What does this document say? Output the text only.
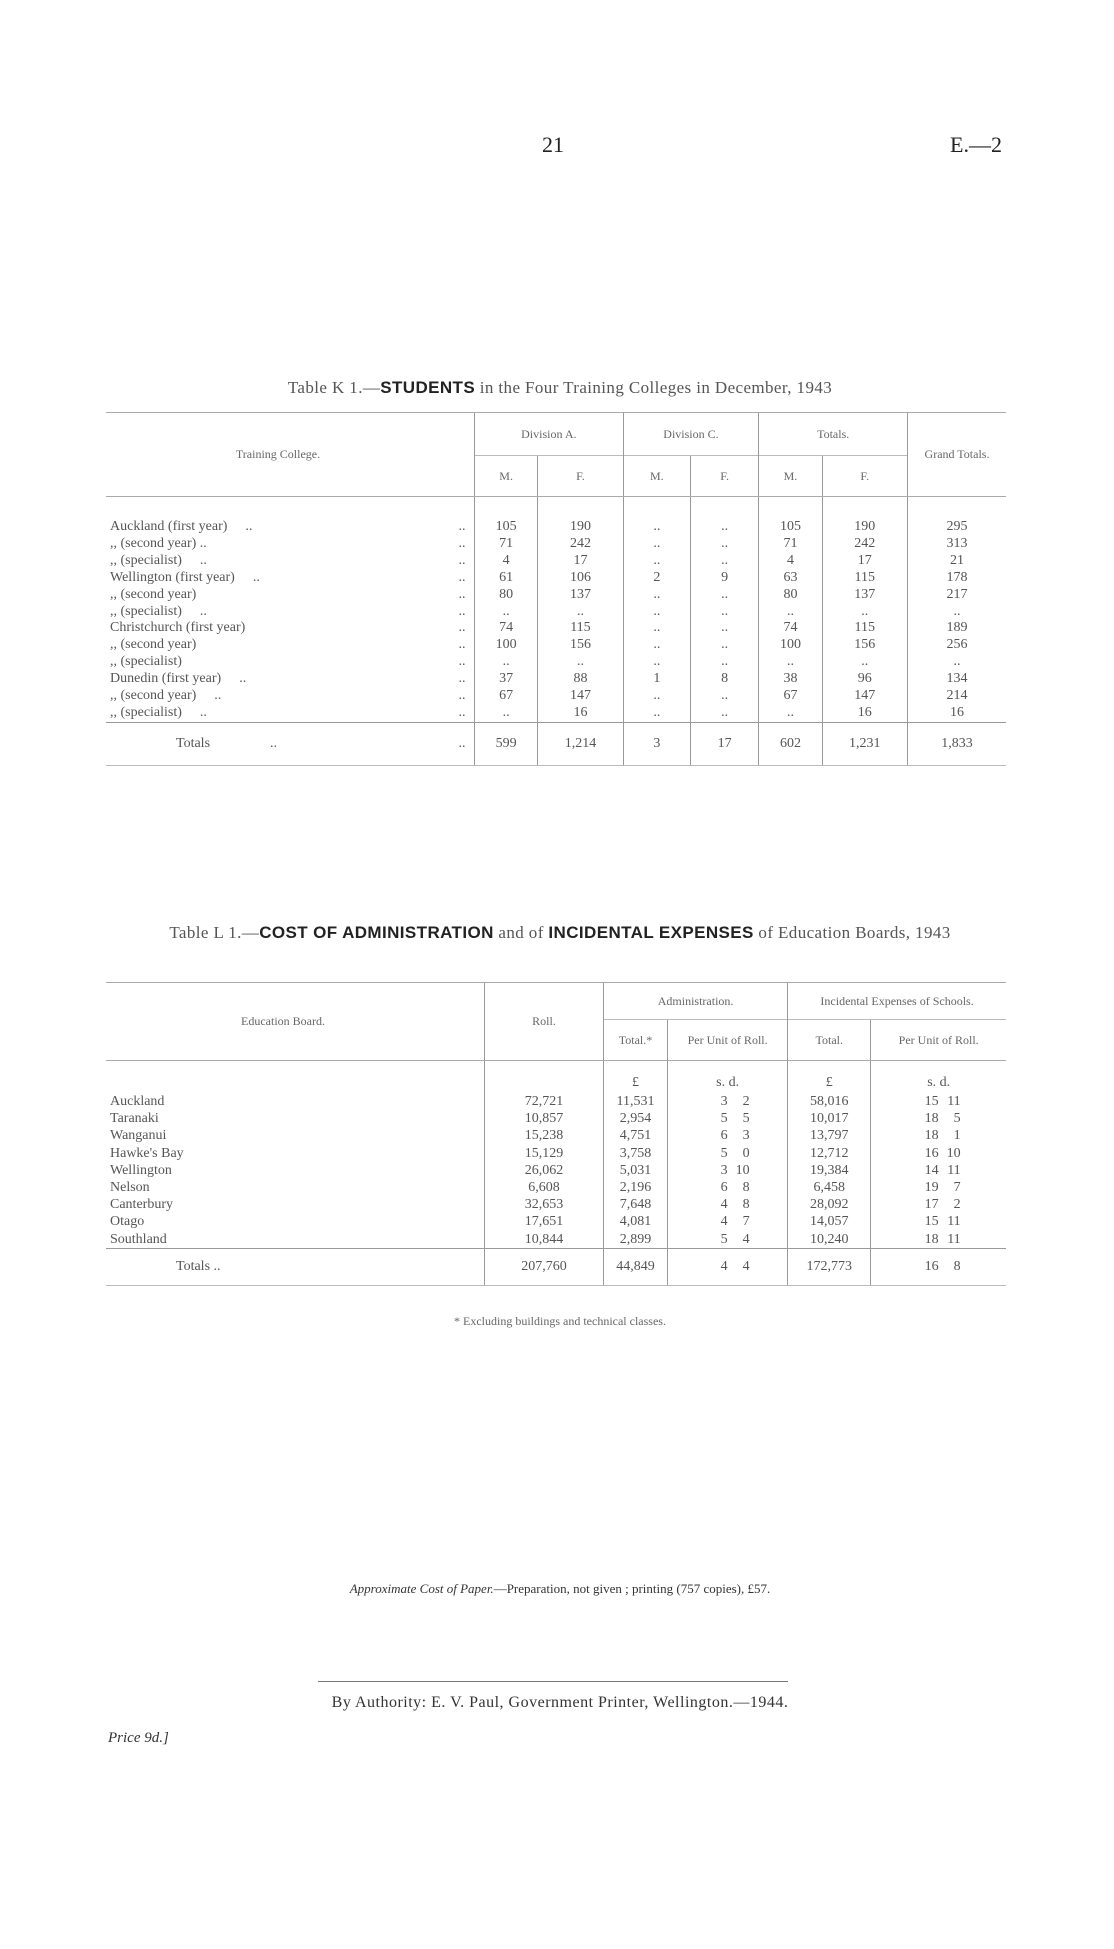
21	E.—2
Table K 1.—STUDENTS in the Four Training Colleges in December, 1943
Training College.		Division A.		Division C.		Totals.		Grand Totals.
		M.	F.	M.	F.	M.	F.	
Auckland (first year) ..	..	105	190	..	..	105	190	295
,, (second year) ..	..	71	242	..	..	71	242	313
,, (specialist) ..	..	4	17	..	..	4	17	21
Wellington (first year) ..	..	61	106	2	9	63	115	178
,, (second year)	..	80	137	..	..	80	137	217
,, (specialist) ..	..	..	..	..	..	..	..	..
Christchurch (first year)	..	74	115	..	..	74	115	189
,, (second year)	..	100	156	..	..	100	156	256
,, (specialist)	..	..	..	..	..	..	..	..
Dunedin (first year) ..	..	37	88	1	8	38	96	134
,, (second year) ..	..	67	147	..	..	67	147	214
,, (specialist) ..	..	..	16	..	..	..	16	16
Totals ..	..	599	1,214	3	17	602	1,231	1,833
Table L 1.—COST OF ADMINISTRATION and of INCIDENTAL EXPENSES of Education Boards, 1943
Education Board.		Roll.	Administration.		Incidental Expenses of Schools.	
			Total.*	Per Unit of Roll.	Total.	Per Unit of Roll.
			£	s. d.	£	s. d.
Auckland		72,721	11,531	3 2	58,016	15 11
Taranaki		10,857	2,954	5 5	10,017	18 5
Wanganui		15,238	4,751	6 3	13,797	18 1
Hawke's Bay		15,129	3,758	5 0	12,712	16 10
Wellington		26,062	5,031	3 10	19,384	14 11
Nelson		6,608	2,196	6 8	6,458	19 7
Canterbury		32,653	7,648	4 8	28,092	17 2
Otago		17,651	4,081	4 7	14,057	15 11
Southland		10,844	2,899	5 4	10,240	18 11
Totals ..		207,760	44,849	4 4	172,773	16 8
* Excluding buildings and technical classes.
Approximate Cost of Paper.—Preparation, not given ; printing (757 copies), £57.
By Authority: E. V. Paul, Government Printer, Wellington.—1944.
Price 9d.]
